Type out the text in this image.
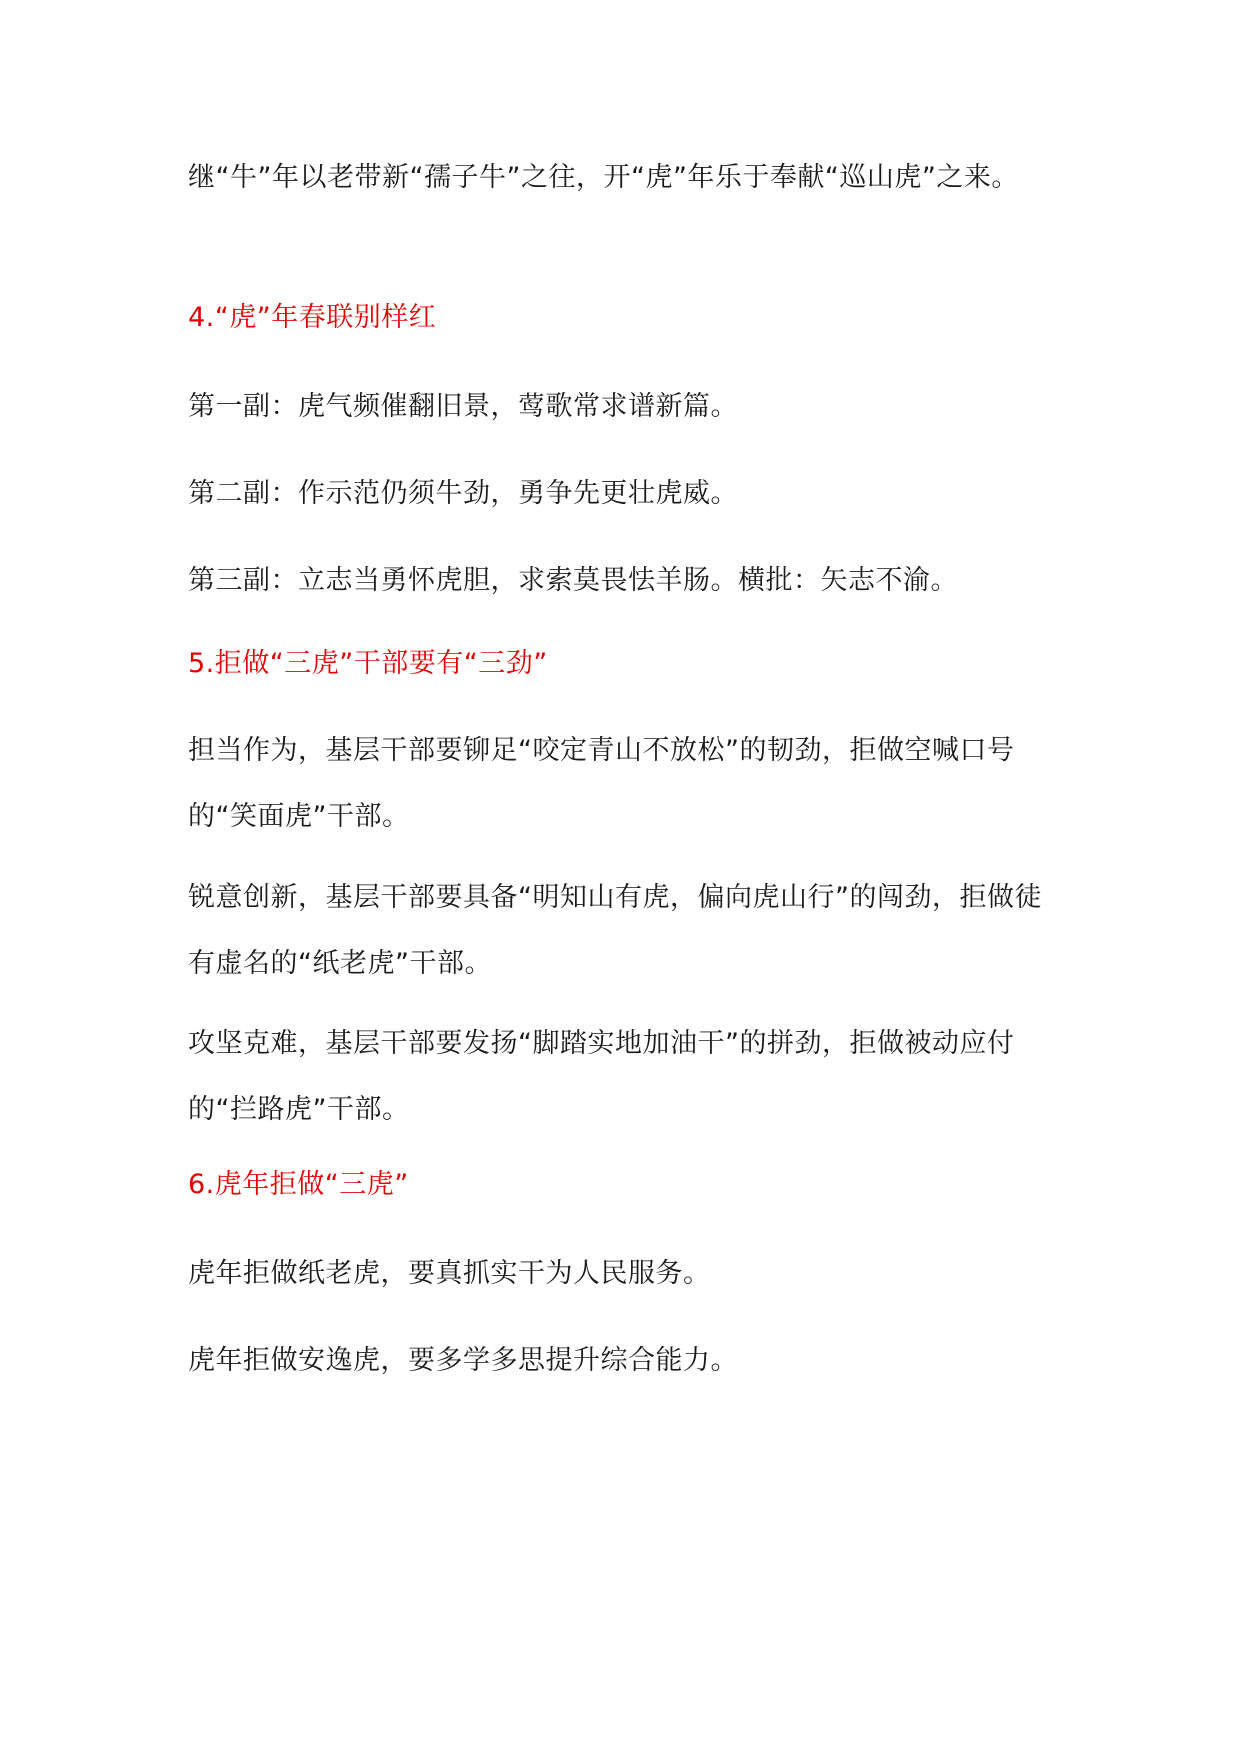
继“牛”年以老带新“孺子牛”之往，开“虎”年乐于奉献“巡山虎”之来。

4.“虎”年春联别样红

第一副：虎气频催翻旧景，莺歌常求谱新篇。

第二副：作示范仍须牛劲，勇争先更壮虎威。

第三副：立志当勇怀虎胆，求索莫畏怯羊肠。横批：矢志不渝。

5.拒做“三虎”干部要有“三劲”

担当作为，基层干部要铆足“咬定青山不放松”的韧劲，拒做空喊口号的“笑面虎”干部。

锐意创新，基层干部要具备“明知山有虎，偏向虎山行”的闯劲，拒做徒有虚名的“纸老虎”干部。

攻坚克难，基层干部要发扬“脚踏实地加油干”的拼劲，拒做被动应付的“拦路虎”干部。

6.虎年拒做“三虎”

虎年拒做纸老虎，要真抓实干为人民服务。

虎年拒做安逸虎，要多学多思提升综合能力。
